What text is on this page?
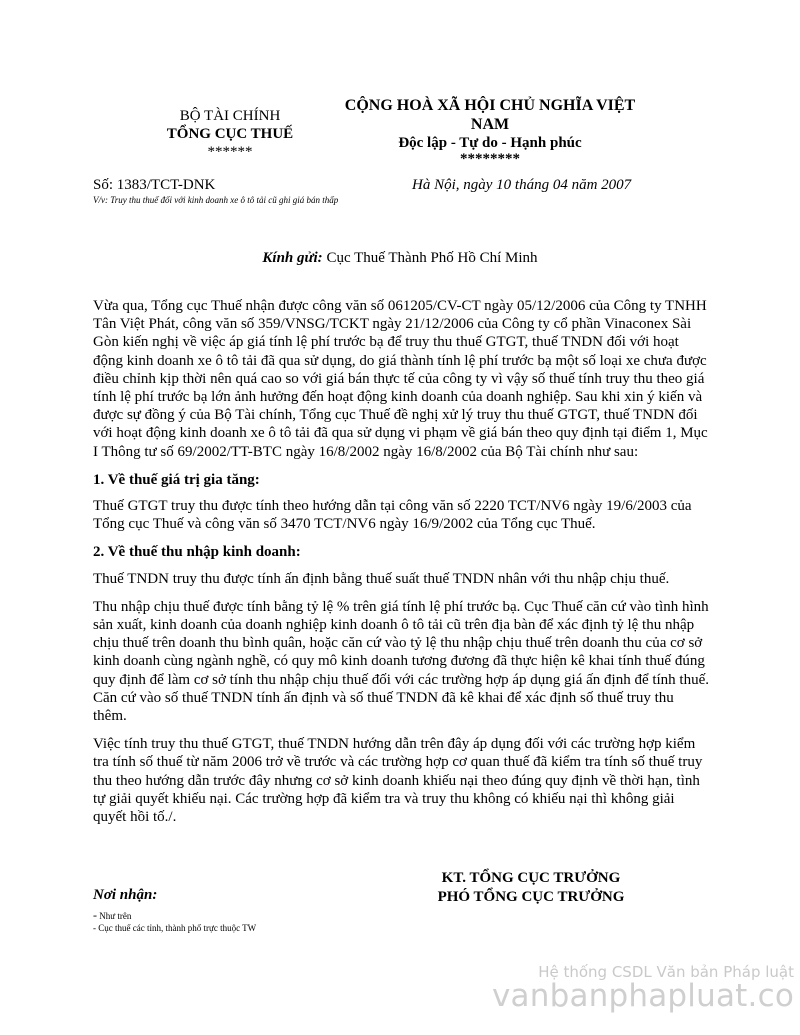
BỘ TÀI CHÍNH
TỔNG CỤC THUẾ
******
CỘNG HOÀ XÃ HỘI CHỦ NGHĨA VIỆT NAM
Độc lập - Tự do - Hạnh phúc
********
Số: 1383/TCT-DNK
V/v: Truy thu thuế đối với kinh doanh xe ô tô tải cũ ghi giá bán thấp
Hà Nội, ngày 10 tháng 04 năm 2007
Kính gửi: Cục Thuế Thành Phố Hồ Chí Minh

Vừa qua, Tổng cục Thuế nhận được công văn số 061205/CV-CT ngày 05/12/2006 của Công ty TNHH Tân Việt Phát, công văn số 359/VNSG/TCKT ngày 21/12/2006 của Công ty cổ phần Vinaconex Sài Gòn kiến nghị về việc áp giá tính lệ phí trước bạ để truy thu thuế GTGT, thuế TNDN đối với hoạt động kinh doanh xe ô tô tải đã qua sử dụng, do giá thành tính lệ phí trước bạ một số loại xe chưa được điều chỉnh kịp thời nên quá cao so với giá bán thực tế của công ty vì vậy số thuế tính truy thu theo giá tính lệ phí trước bạ lớn ảnh hưởng đến hoạt động kinh doanh của doanh nghiệp. Sau khi xin ý kiến và được sự đồng ý của Bộ Tài chính, Tổng cục Thuế đề nghị xử lý truy thu thuế GTGT, thuế TNDN đối với hoạt động kinh doanh xe ô tô tải đã qua sử dụng vi phạm về giá bán theo quy định tại điểm 1, Mục I Thông tư số 69/2002/TT-BTC ngày 16/8/2002 ngày 16/8/2002 của Bộ Tài chính như sau:

1. Về thuế giá trị gia tăng:

Thuế GTGT truy thu được tính theo hướng dẫn tại công văn số 2220 TCT/NV6 ngày 19/6/2003 của Tổng cục Thuế và công văn số 3470 TCT/NV6 ngày 16/9/2002 của Tổng cục Thuế.

2. Về thuế thu nhập kinh doanh:

Thuế TNDN truy thu được tính ấn định bằng thuế suất thuế TNDN nhân với thu nhập chịu thuế.

Thu nhập chịu thuế được tính bằng tỷ lệ % trên giá tính lệ phí trước bạ. Cục Thuế căn cứ vào tình hình sản xuất, kinh doanh của doanh nghiệp kinh doanh ô tô tải cũ trên địa bàn để xác định tỷ lệ thu nhập chịu thuế trên doanh thu bình quân, hoặc căn cứ vào tỷ lệ thu nhập chịu thuế trên doanh thu của cơ sở kinh doanh cùng ngành nghề, có quy mô kinh doanh tương đương đã thực hiện kê khai tính thuế đúng quy định để làm cơ sở tính thu nhập chịu thuế đối với các trường hợp áp dụng giá ấn định để tính thuế. Căn cứ vào số thuế TNDN tính ấn định và số thuế TNDN đã kê khai để xác định số thuế truy thu thêm.

Việc tính truy thu thuế GTGT, thuế TNDN hướng dẫn trên đây áp dụng đối với các trường hợp kiểm tra tính số thuế từ năm 2006 trở về trước và các trường hợp cơ quan thuế đã kiểm tra tính số thuế truy thu theo hướng dẫn trước đây nhưng cơ sở kinh doanh khiếu nại theo đúng quy định về thời hạn, tình tự giải quyết khiếu nại. Các trường hợp đã kiểm tra và truy thu không có khiếu nại thì không giải quyết hồi tố./.

KT. TỔNG CỤC TRƯỞNG
PHÓ TỔNG CỤC TRƯỞNG
Nơi nhận:
- Như trên
- Cục thuế các tỉnh, thành phố trực thuộc TW
Hệ thống CSDL Văn bản Pháp luật
vanbanphapluat.co
